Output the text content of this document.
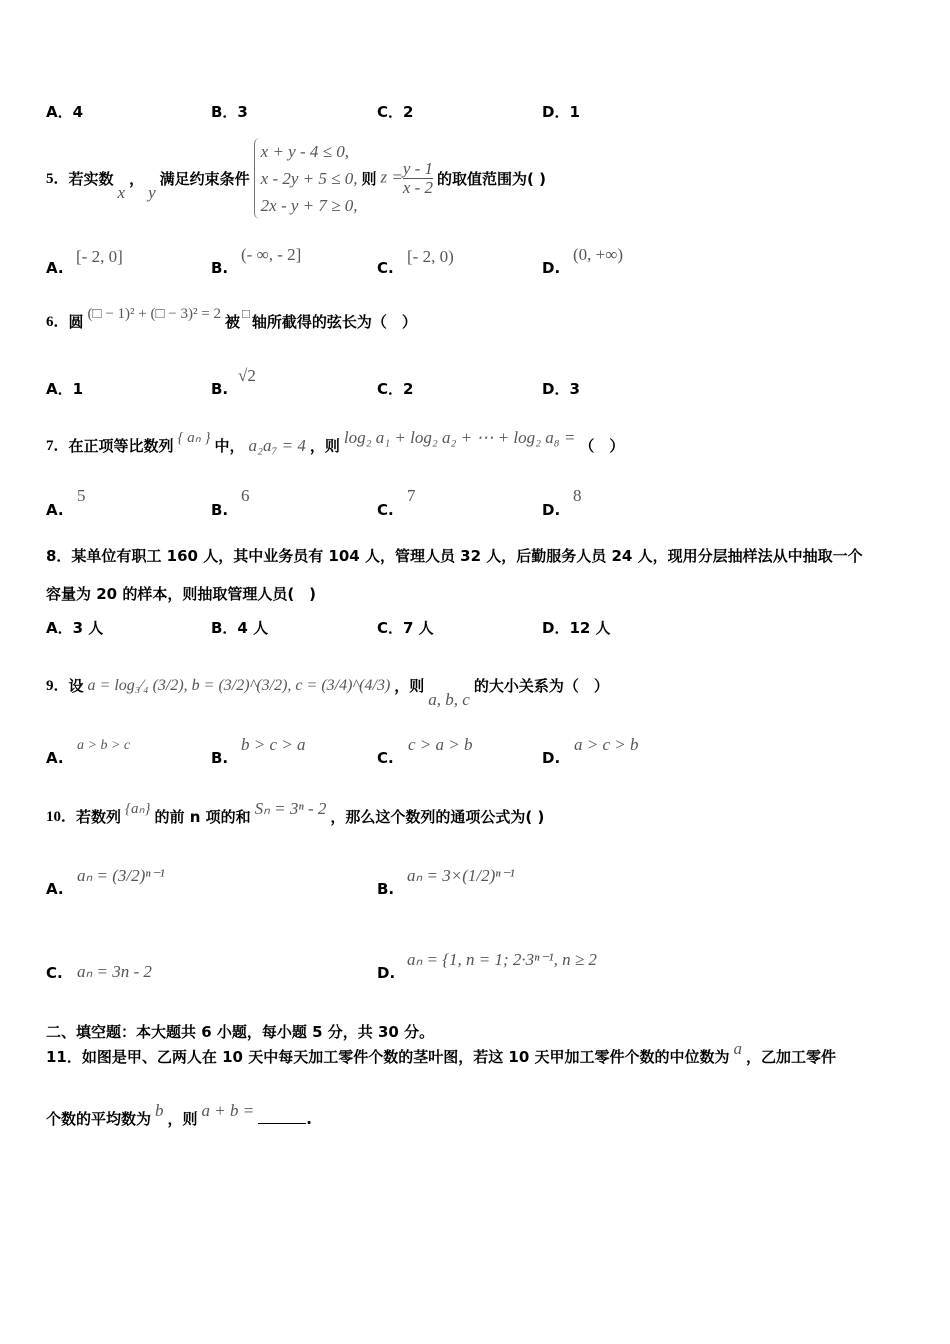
A．4	B．3	C．2	D．1
5． 若实数
x
，
y
满足约束条件
x + y - 4 ≤ 0,
x - 2y + 5 ≤ 0,
2x - y + 7 ≥ 0,
则 $z = \frac{y - 1}{x - 2}$ 的取值范围为( )
A.
[- 2, 0]
B.
(- ∞, - 2]
C.
[- 2, 0)
D.
(0, +∞)
6． 圆 (□ − 1)² + (□ − 3)² = 2 被 □ 轴所截得的弦长为（　）
A．1	B.
√2
C．2	D．3
7． 在正项等比数列 { aₙ } 中， a₂a₇ = 4 ，则 log₂ a₁ + log₂ a₂ + ⋯ + log₂ a₈ = （　）
A.
5
B.
6
C.
7
D.
8
8．某单位有职工 160 人，其中业务员有 104 人，管理人员 32 人，后勤服务人员 24 人，现用分层抽样法从中抽取一个
容量为 20 的样本，则抽取管理人员(　)
A．3 人	B．4 人	C．7 人	D．12 人
9． 设 a = log₃⁄₄ (3/2), b = (3/2)^(3/2), c = (3/4)^(4/3) ，则
a, b, c
的大小关系为（　）
A.
a > b > c
B.
b > c > a
C.
c > a > b
D.
a > c > b
10． 若数列 {aₙ} 的前 n 项的和 Sₙ = 3ⁿ - 2 ，那么这个数列的通项公式为( )
A.
aₙ = (3/2)ⁿ⁻¹
B.
aₙ = 3×(1/2)ⁿ⁻¹
C. aₙ = 3n - 2	D.
aₙ = {1, n = 1; 2·3ⁿ⁻¹, n ≥ 2
二、填空题：本大题共 6 小题，每小题 5 分，共 30 分。
11．如图是甲、乙两人在 10 天中每天加工零件个数的茎叶图，若这 10 天甲加工零件个数的中位数为 a ，乙加工零件
个数的平均数为 b ，则 a + b =	.
